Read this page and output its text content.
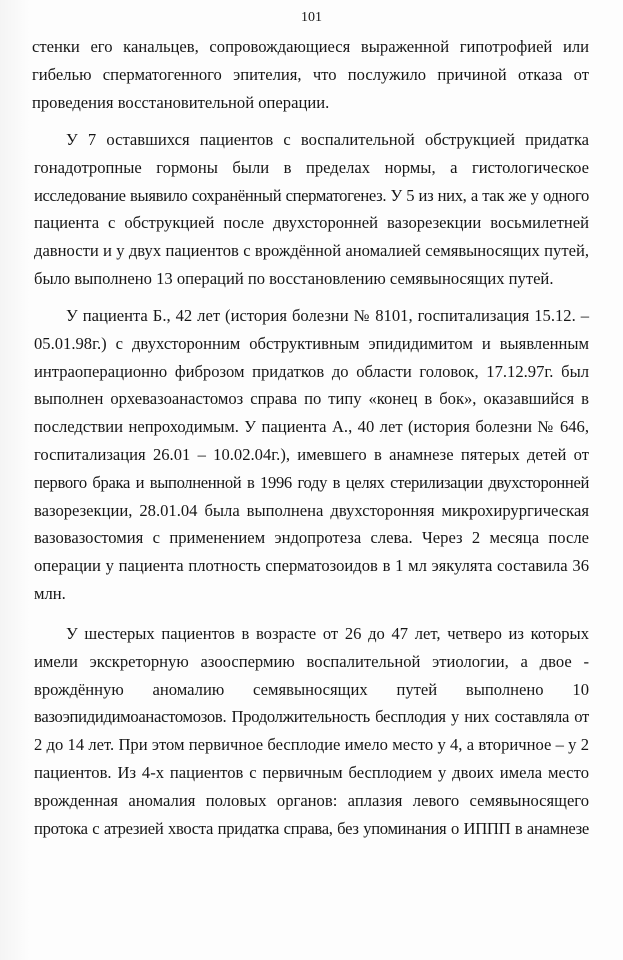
101
стенки его канальцев, сопровождающиеся выраженной гипотрофией или
гибелью сперматогенного эпителия, что послужило причиной отказа от
проведения восстановительной операции.
У 7 оставшихся пациентов с воспалительной обструкцией придатка
гонадотропные гормоны были в пределах нормы, а гистологическое
исследование выявило сохранённый сперматогенез. У 5 из них, а так же у одного
пациента с обструкцией после двухсторонней вазорезекции восьмилетней
давности и у двух пациентов с врождённой аномалией семявыносящих путей,
было выполнено 13 операций по восстановлению семявыносящих путей.
У пациента Б., 42 лет (история болезни № 8101, госпитализация 15.12. –
05.01.98г.) с двухсторонним обструктивным эпидидимитом и выявленным
интраоперационно фиброзом придатков до области головок, 17.12.97г. был
выполнен орхевазоанастомоз справа по типу «конец в бок», оказавшийся в
последствии непроходимым. У пациента А., 40 лет (история болезни № 646,
госпитализация 26.01 – 10.02.04г.), имевшего в анамнезе пятерых детей от
первого брака и выполненной в 1996 году в целях стерилизации двухсторонней
вазорезекции, 28.01.04 была выполнена двухсторонняя микрохирургическая
вазовазостомия с применением эндопротеза слева. Через 2 месяца после
операции у пациента плотность сперматозоидов в 1 мл эякулята составила 36
млн.
У шестерых пациентов в возрасте от 26 до 47 лет, четверо из которых
имели экскреторную азооспермию воспалительной этиологии, а двое -
врождённую аномалию семявыносящих путей выполнено 10
вазоэпидидимоанастомозов. Продолжительность бесплодия у них составляла от
2 до 14 лет. При этом первичное бесплодие имело место у 4, а вторичное – у 2
пациентов. Из 4-х пациентов с первичным бесплодием у двоих имела место
врожденная аномалия половых органов: аплазия левого семявыносящего
протока с атрезией хвоста придатка справа, без упоминания о ИППП в анамнезе
